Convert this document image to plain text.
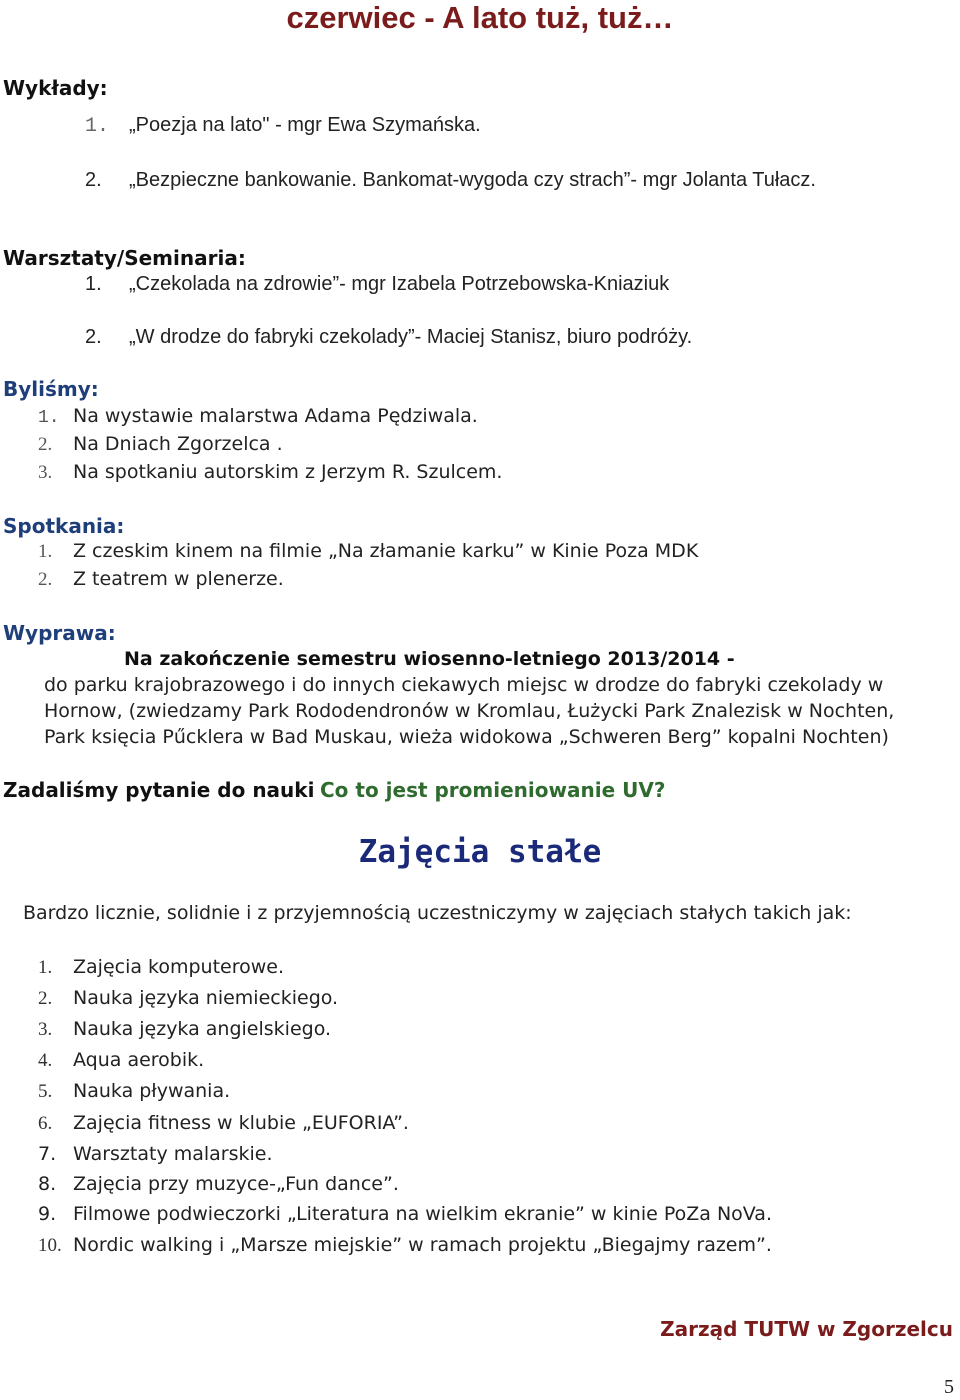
czerwiec - A lato tuż, tuż…
Wykłady:
1. „Poezja na lato" - mgr Ewa Szymańska.
2. „Bezpieczne bankowanie. Bankomat-wygoda czy strach”- mgr Jolanta Tułacz.
Warsztaty/Seminaria:
1. „Czekolada na zdrowie”- mgr Izabela Potrzebowska-Kniaziuk
2. „W drodze do fabryki czekolady”- Maciej Stanisz, biuro podróży.
Byliśmy:
1. Na wystawie malarstwa Adama Pędziwala.
2. Na Dniach Zgorzelca .
3. Na spotkaniu autorskim z Jerzym R. Szulcem.
Spotkania:
1. Z czeskim kinem na filmie „Na złamanie karku” w Kinie Poza MDK
2. Z teatrem w plenerze.
Wyprawa:
Na zakończenie semestru wiosenno-letniego 2013/2014 -
do parku krajobrazowego i do innych ciekawych miejsc w drodze do fabryki czekolady w
Hornow, (zwiedzamy Park Rododendronów w Kromlau, Łużycki Park Znalezisk w Nochten,
Park księcia Pűcklera w Bad Muskau, wieża widokowa „Schweren Berg” kopalni Nochten)
Zadaliśmy pytanie do nauki Co to jest promieniowanie UV?
Zajęcia stałe
Bardzo licznie, solidnie i z przyjemnością uczestniczymy w zajęciach stałych takich jak:
1. Zajęcia komputerowe.
2. Nauka języka niemieckiego.
3. Nauka języka angielskiego.
4. Aqua aerobik.
5. Nauka pływania.
6. Zajęcia fitness w klubie „EUFORIA”.
7. Warsztaty malarskie.
8. Zajęcia przy muzyce-„Fun dance”.
9. Filmowe podwieczorki „Literatura na wielkim ekranie” w kinie PoZa NoVa.
10. Nordic walking i „Marsze miejskie” w ramach projektu „Biegajmy razem”.
Zarząd TUTW w Zgorzelcu
5
